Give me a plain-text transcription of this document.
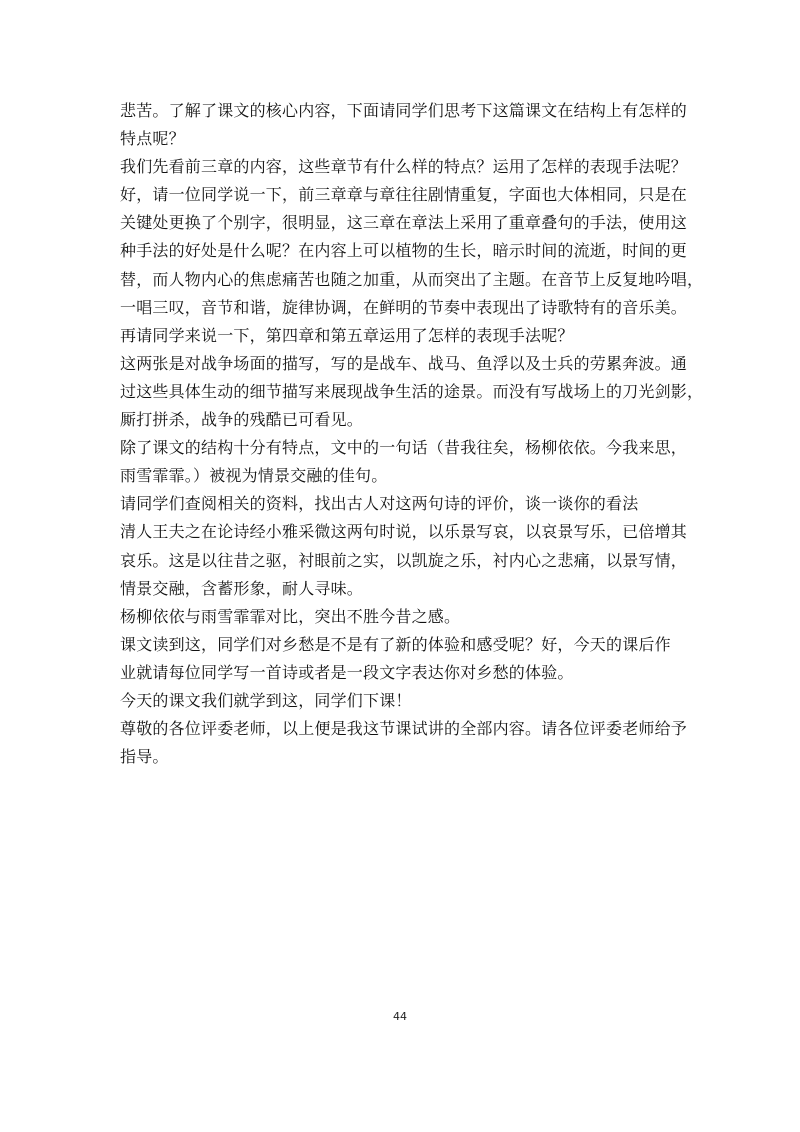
悲苦。了解了课文的核心内容，下面请同学们思考下这篇课文在结构上有怎样的
特点呢？
我们先看前三章的内容，这些章节有什么样的特点？运用了怎样的表现手法呢？
好，请一位同学说一下，前三章章与章往往剧情重复，字面也大体相同，只是在
关键处更换了个别字，很明显，这三章在章法上采用了重章叠句的手法，使用这
种手法的好处是什么呢？在内容上可以植物的生长，暗示时间的流逝，时间的更
替，而人物内心的焦虑痛苦也随之加重，从而突出了主题。在音节上反复地吟唱，
一唱三叹，音节和谐，旋律协调，在鲜明的节奏中表现出了诗歌特有的音乐美。
再请同学来说一下，第四章和第五章运用了怎样的表现手法呢？
这两张是对战争场面的描写，写的是战车、战马、鱼浮以及士兵的劳累奔波。通
过这些具体生动的细节描写来展现战争生活的途景。而没有写战场上的刀光剑影，
厮打拼杀，战争的残酷已可看见。
除了课文的结构十分有特点，文中的一句话（昔我往矣，杨柳依依。今我来思，
雨雪霏霏。）被视为情景交融的佳句。
请同学们查阅相关的资料，找出古人对这两句诗的评价，谈一谈你的看法
清人王夫之在论诗经小雅采微这两句时说，以乐景写哀，以哀景写乐，已倍增其
哀乐。这是以往昔之驱，衬眼前之实，以凯旋之乐，衬内心之悲痛，以景写情，
情景交融，含蓄形象，耐人寻味。
杨柳依依与雨雪霏霏对比，突出不胜今昔之感。
课文读到这，同学们对乡愁是不是有了新的体验和感受呢？好，今天的课后作
业就请每位同学写一首诗或者是一段文字表达你对乡愁的体验。
今天的课文我们就学到这，同学们下课！
尊敬的各位评委老师，以上便是我这节课试讲的全部内容。请各位评委老师给予
指导。
44
